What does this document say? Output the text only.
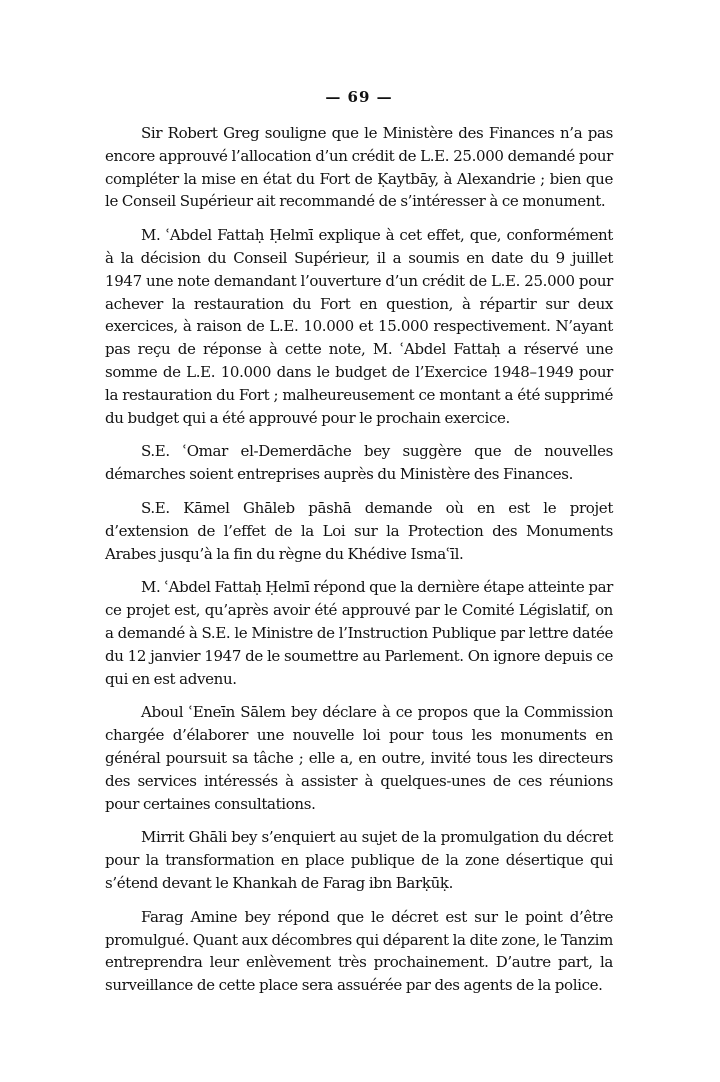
— 69 —

Sir Robert Greg souligne que le Ministère des Finances n’a pas encore approuvé l’allocation d’un crédit de L.E. 25.000 demandé pour compléter la mise en état du Fort de Ḳaytbāy, à Alexandrie ; bien que le Conseil Supérieur ait recommandé de s’intéresser à ce monument.

M. ʿAbdel Fattaḥ Ḥelmī explique à cet effet, que, conformément à la décision du Conseil Supérieur, il a soumis en date du 9 juillet 1947 une note demandant l’ouverture d’un crédit de L.E. 25.000 pour achever la restauration du Fort en question, à répartir sur deux exercices, à raison de L.E. 10.000 et 15.000 respectivement. N’ayant pas reçu de réponse à cette note, M. ʿAbdel Fattaḥ a réservé une somme de L.E. 10.000 dans le budget de l’Exercice 1948–1949 pour la restauration du Fort ; malheureusement ce montant a été supprimé du budget qui a été approuvé pour le prochain exercice.

S.E. ʿOmar el-Demerdāche bey suggère que de nouvelles démarches soient entreprises auprès du Ministère des Finances.

S.E. Kāmel Ghāleb pāshā demande où en est le projet d’extension de l’effet de la Loi sur la Protection des Monuments Arabes jusqu’à la fin du règne du Khédive Ismaʿīl.

M. ʿAbdel Fattaḥ Ḥelmī répond que la dernière étape atteinte par ce projet est, qu’après avoir été approuvé par le Comité Législatif, on a demandé à S.E. le Ministre de l’Instruction Publique par lettre datée du 12 janvier 1947 de le soumettre au Parlement. On ignore depuis ce qui en est advenu.

Aboul ʿEneīn Sālem bey déclare à ce propos que la Commission chargée d’élaborer une nouvelle loi pour tous les monuments en général poursuit sa tâche ; elle a, en outre, invité tous les directeurs des services intéressés à assister à quelques-unes de ces réunions pour certaines consultations.

Mirrit Ghāli bey s’enquiert au sujet de la promulgation du décret pour la transformation en place publique de la zone désertique qui s’étend devant le Khankah de Farag ibn Barḳūḳ.

Farag Amine bey répond que le décret est sur le point d’être promulgué. Quant aux décombres qui déparent la dite zone, le Tanzim entreprendra leur enlèvement très prochainement. D’autre part, la surveillance de cette place sera assuérée par des agents de la police.
